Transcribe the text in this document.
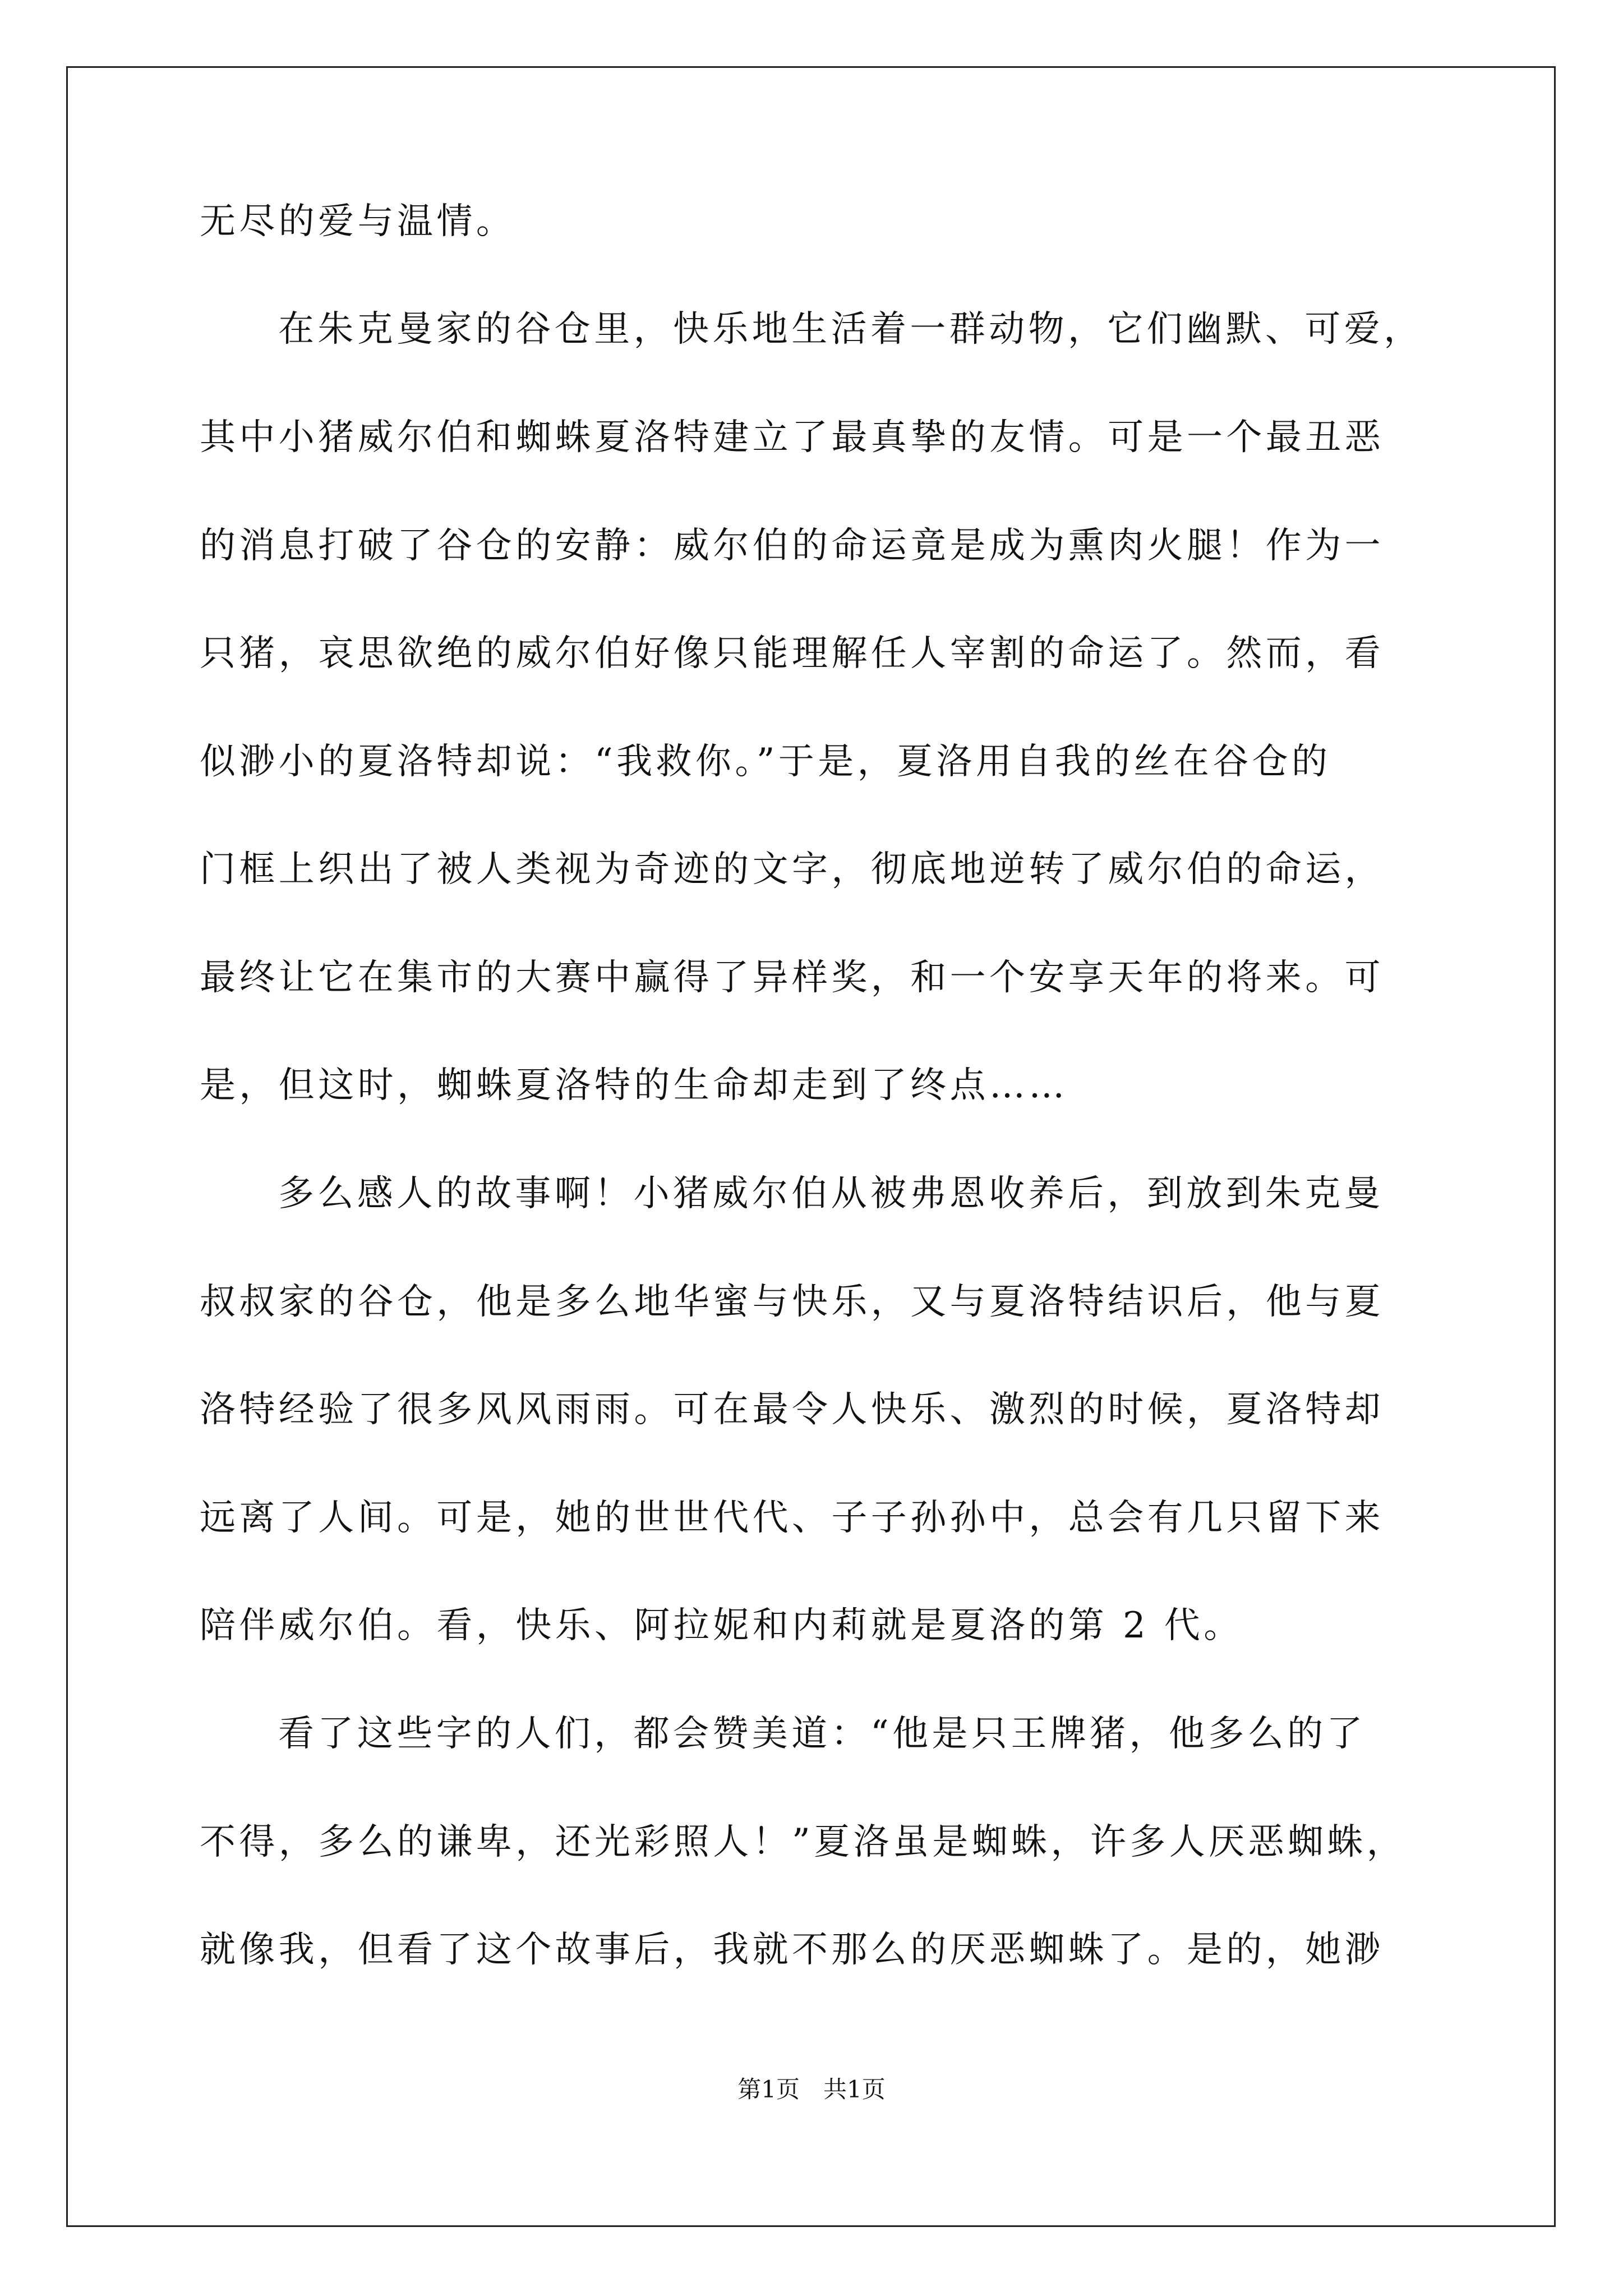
无尽的爱与温情。
在朱克曼家的谷仓里，快乐地生活着一群动物，它们幽默、可爱，
其中小猪威尔伯和蜘蛛夏洛特建立了最真挚的友情。可是一个最丑恶
的消息打破了谷仓的安静：威尔伯的命运竟是成为熏肉火腿！作为一
只猪，哀思欲绝的威尔伯好像只能理解任人宰割的命运了。然而，看
似渺小的夏洛特却说：“我救你。”于是，夏洛用自我的丝在谷仓的
门框上织出了被人类视为奇迹的文字，彻底地逆转了威尔伯的命运，
最终让它在集市的大赛中赢得了异样奖，和一个安享天年的将来。可
是，但这时，蜘蛛夏洛特的生命却走到了终点……
多么感人的故事啊！小猪威尔伯从被弗恩收养后，到放到朱克曼
叔叔家的谷仓，他是多么地华蜜与快乐，又与夏洛特结识后，他与夏
洛特经验了很多风风雨雨。可在最令人快乐、激烈的时候，夏洛特却
远离了人间。可是，她的世世代代、子子孙孙中，总会有几只留下来
陪伴威尔伯。看，快乐、阿拉妮和内莉就是夏洛的第 2 代。
看了这些字的人们，都会赞美道：“他是只王牌猪，他多么的了
不得，多么的谦卑，还光彩照人！”夏洛虽是蜘蛛，许多人厌恶蜘蛛，
就像我，但看了这个故事后，我就不那么的厌恶蜘蛛了。是的，她渺
第1页　共1页
